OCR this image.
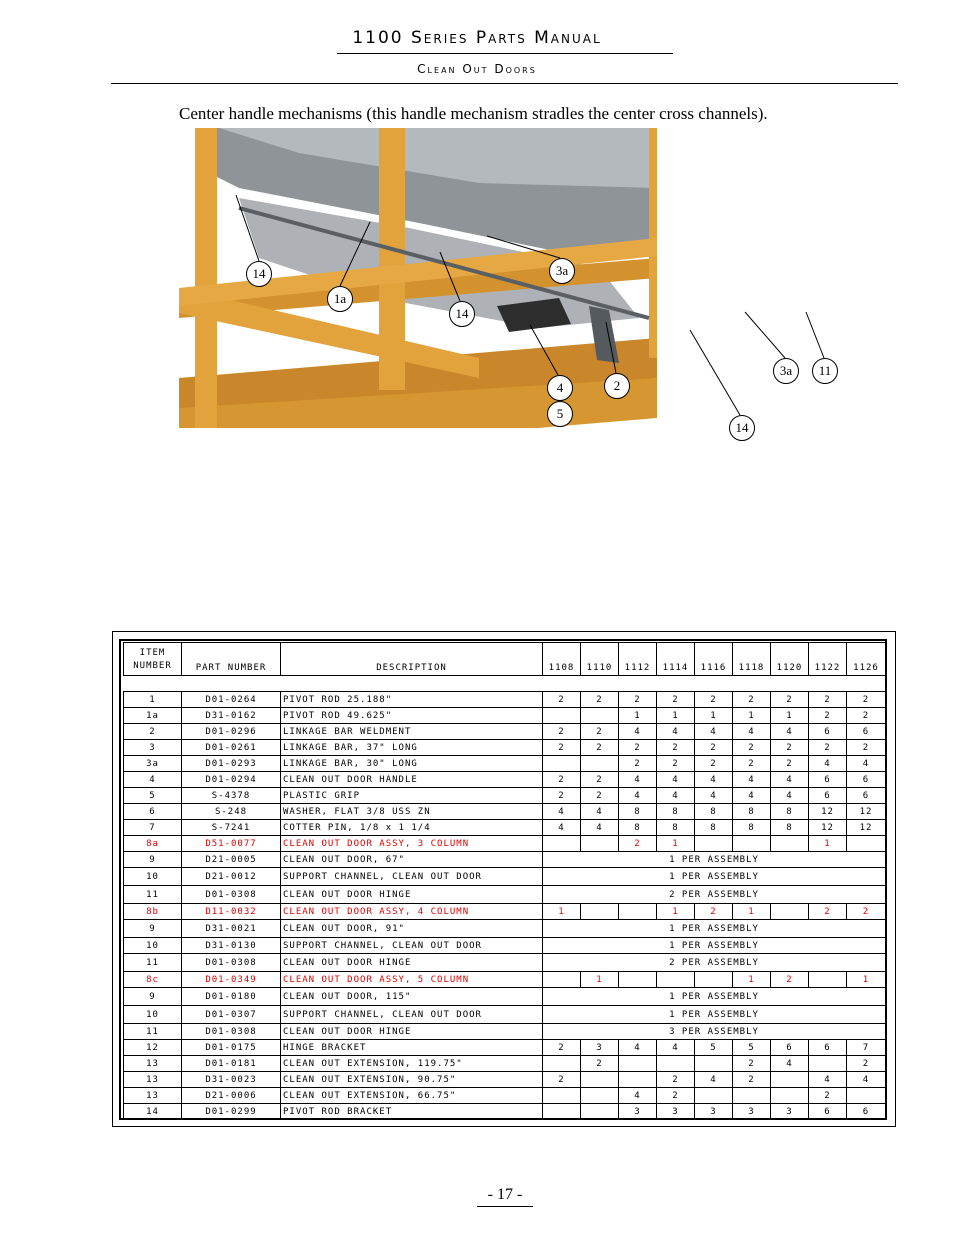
1100 Series Parts Manual
Clean Out Doors
Center handle mechanisms (this handle mechanism stradles the center cross channels).
14
1a
14
3a
4
5
2
14
3a	11
ITEM NUMBER	PART NUMBER	DESCRIPTION	1108	1110	1112	1114	1116	1118	1120	1122	1126

1	D01-0264	PIVOT ROD 25.188"	2	2	2	2	2	2	2	2	2
1a	D31-0162	PIVOT ROD 49.625"			1	1	1	1	1	2	2
2	D01-0296	LINKAGE BAR WELDMENT	2	2	4	4	4	4	4	6	6
3	D01-0261	LINKAGE BAR, 37" LONG	2	2	2	2	2	2	2	2	2
3a	D01-0293	LINKAGE BAR, 30" LONG			2	2	2	2	2	4	4
4	D01-0294	CLEAN OUT DOOR HANDLE	2	2	4	4	4	4	4	6	6
5	S-4378	PLASTIC GRIP	2	2	4	4	4	4	4	6	6
6	S-248	WASHER, FLAT 3/8 USS ZN	4	4	8	8	8	8	8	12	12
7	S-7241	COTTER PIN, 1/8 x 1 1/4	4	4	8	8	8	8	8	12	12
8a	D51-0077	CLEAN OUT DOOR ASSY, 3 COLUMN			2	1				1	
9	D21-0005	CLEAN OUT DOOR, 67"	1 PER ASSEMBLY								
10	D21-0012	SUPPORT CHANNEL, CLEAN OUT DOOR	1 PER ASSEMBLY								
11	D01-0308	CLEAN OUT DOOR HINGE	2 PER ASSEMBLY								
8b	D11-0032	CLEAN OUT DOOR ASSY, 4 COLUMN	1			1	2	1		2	2
9	D31-0021	CLEAN OUT DOOR, 91"	1 PER ASSEMBLY								
10	D31-0130	SUPPORT CHANNEL, CLEAN OUT DOOR	1 PER ASSEMBLY								
11	D01-0308	CLEAN OUT DOOR HINGE	2 PER ASSEMBLY								
8c	D01-0349	CLEAN OUT DOOR ASSY, 5 COLUMN		1				1	2		1
9	D01-0180	CLEAN OUT DOOR, 115"	1 PER ASSEMBLY								
10	D01-0307	SUPPORT CHANNEL, CLEAN OUT DOOR	1 PER ASSEMBLY								
11	D01-0308	CLEAN OUT DOOR HINGE	3 PER ASSEMBLY								
12	D01-0175	HINGE BRACKET	2	3	4	4	5	5	6	6	7
13	D01-0181	CLEAN OUT EXTENSION, 119.75"		2				2	4		2
13	D31-0023	CLEAN OUT EXTENSION, 90.75"	2			2	4	2		4	4
13	D21-0006	CLEAN OUT EXTENSION, 66.75"			4	2				2	
14	D01-0299	PIVOT ROD BRACKET			3	3	3	3	3	6	6
- 17 -
